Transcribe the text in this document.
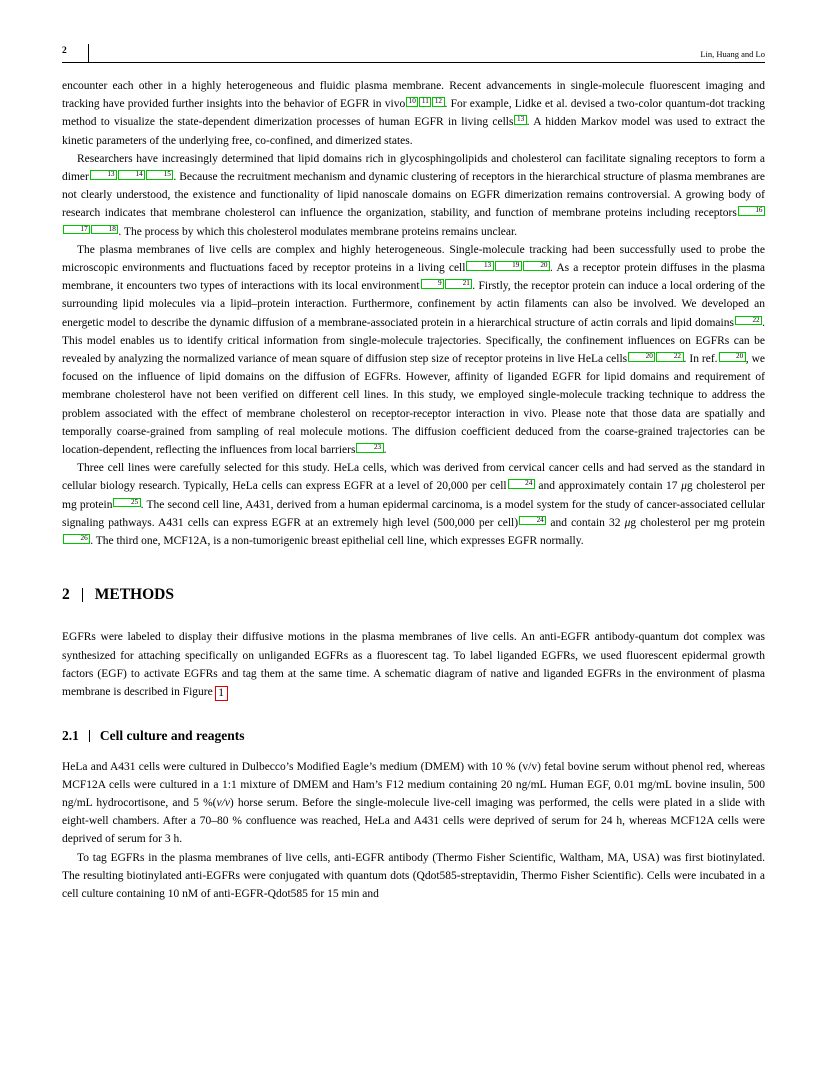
2	Lin, Huang and Lo

encounter each other in a highly heterogeneous and fluidic plasma membrane. Recent advancements in single-molecule fluorescent imaging and tracking have provided further insights into the behavior of EGFR in vivo $^{10}$ $^{11}$ $^{12}$ . For example, Lidke et al. devised a two-color quantum-dot tracking method to visualize the state-dependent dimerization processes of human EGFR in living cells $^{13}$ . A hidden Markov model was used to extract the kinetic parameters of the underlying free, co-confined, and dimerized states.

Researchers have increasingly determined that lipid domains rich in glycosphingolipids and cholesterol can facilitate signaling receptors to form a dimer	$^{13}$	$^{14}$	$^{15}$ . Because the recruitment mechanism and dynamic clustering of receptors in the hierarchical structure of plasma membranes are not clearly understood, the existence and functionality of lipid nanoscale domains on EGFR dimerization remains controversial. A growing body of research indicates that membrane cholesterol can influence the organization, stability, and function of membrane proteins including receptors	$^{1617}$	$^{18}$ . The process by which this cholesterol modulates membrane proteins remains unclear.

The plasma membranes of live cells are complex and highly heterogeneous. Single-molecule tracking had been successfully used to probe the microscopic environments and fluctuations faced by receptor proteins in a living cell	$^{13}$	$^{19}$	$^{20}$ . As a receptor protein diffuses in the plasma membrane, it encounters two types of interactions with its local environment	$^9$	$^{21}$ . Firstly, the receptor protein can induce a local ordering of the surrounding lipid molecules via a lipid–protein interaction. Furthermore, confinement by actin filaments can also be involved. We developed an energetic model to describe the dynamic diffusion of a membrane-associated protein in a hierarchical structure of actin corrals and lipid domains	$^{22}$ . This model enables us to identify critical information from single-molecule trajectories. Specifically, the confinement influences on EGFRs can be revealed by analyzing the normalized variance of mean square of diffusion step size of receptor proteins in live HeLa cells	$^{20}$	$^{22}$ . In ref.	$^{20}$ , we focused on the influence of lipid domains on the diffusion of EGFRs. However, affinity of liganded EGFR for lipid domains and requirement of membrane cholesterol have not been verified on different cell lines. In this study, we employed single-molecule tracking technique to address the problem associated with the effect of membrane cholesterol on receptor-receptor interaction in vivo. Please note that those data are spatially and temporally coarse-grained from sampling of real molecule motions. The diffusion coefficient deduced from the coarse-grained trajectories can be location-dependent, reflecting the influences from local barriers	$^{23}$ .

Three cell lines were carefully selected for this study. HeLa cells, which was derived from cervical cancer cells and had served as the standard in cellular biology research. Typically, HeLa cells can express EGFR at a level of 20,000 per cell	$^{24}$ and approximately contain 17 μg cholesterol per mg protein	$^{25}$ . The second cell line, A431, derived from a human epidermal carcinoma, is a model system for the study of cancer-associated cellular signaling pathways. A431 cells can express EGFR at an extremely high level (500,000 per cell)	$^{24}$ and contain 32 μg cholesterol per mg protein$^{26}$ . The third one, MCF12A, is a non-tumorigenic breast epithelial cell line, which expresses EGFR normally.

2 METHODS

EGFRs were labeled to display their diffusive motions in the plasma membranes of live cells. An anti-EGFR antibody-quantum dot complex was synthesized for attaching specifically on unliganded EGFRs as a fluorescent tag. To label liganded EGFRs, we used fluorescent epidermal growth factors (EGF) to activate EGFRs and tag them at the same time. A schematic diagram of native and liganded EGFRs in the environment of plasma membrane is described in Figure 1

2.1 Cell culture and reagents

HeLa and A431 cells were cultured in Dulbecco’s Modified Eagle’s medium (DMEM) with 10 % (v/v) fetal bovine serum without phenol red, whereas MCF12A cells were cultured in a 1:1 mixture of DMEM and Ham’s F12 medium containing 20 ng/mL Human EGF, 0.01 mg/mL bovine insulin, 500 ng/mL hydrocortisone, and 5 %(v/v) horse serum. Before the single-molecule live-cell imaging was performed, the cells were plated in a slide with eight-well chambers. After a 70–80 % confluence was reached, HeLa and A431 cells were deprived of serum for 24 h, whereas MCF12A cells were deprived of serum for 3 h.

To tag EGFRs in the plasma membranes of live cells, anti-EGFR antibody (Thermo Fisher Scientific, Waltham, MA, USA) was first biotinylated. The resulting biotinylated anti-EGFRs were conjugated with quantum dots (Qdot585-streptavidin, Thermo Fisher Scientific). Cells were incubated in a cell culture containing 10 nM of anti-EGFR-Qdot585 for 15 min and
